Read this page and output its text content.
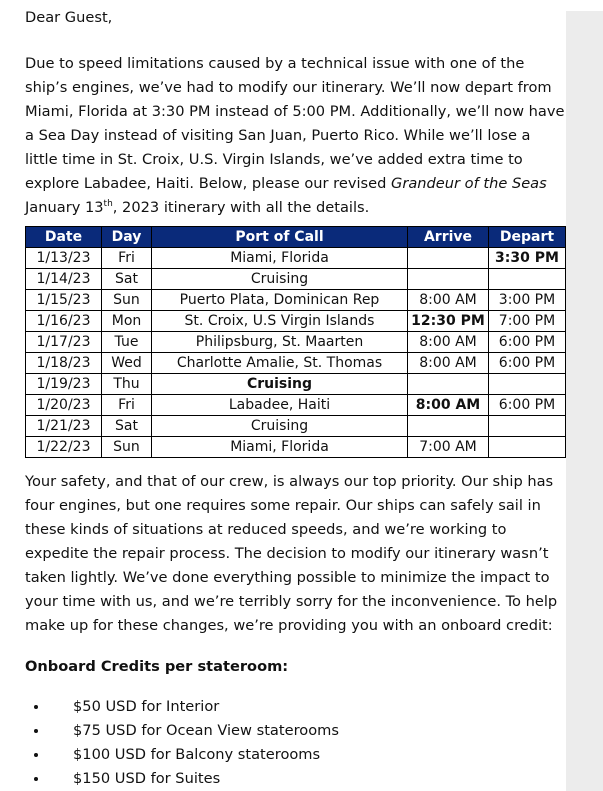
Dear Guest,

Due to speed limitations caused by a technical issue with one of the ship’s engines, we’ve had to modify our itinerary. We’ll now depart from Miami, Florida at 3:30 PM instead of 5:00 PM. Additionally, we’ll now have a Sea Day instead of visiting San Juan, Puerto Rico. While we’ll lose a little time in St. Croix, U.S. Virgin Islands, we’ve added extra time to explore Labadee, Haiti. Below, please our revised Grandeur of the Seas January 13th, 2023 itinerary with all the details.

Date	Day	Port of Call	Arrive	Depart
1/13/23	Fri	Miami, Florida		3:30 PM
1/14/23	Sat	Cruising		
1/15/23	Sun	Puerto Plata, Dominican Rep	8:00 AM	3:00 PM
1/16/23	Mon	St. Croix, U.S Virgin Islands	12:30 PM	7:00 PM
1/17/23	Tue	Philipsburg, St. Maarten	8:00 AM	6:00 PM
1/18/23	Wed	Charlotte Amalie, St. Thomas	8:00 AM	6:00 PM
1/19/23	Thu	Cruising		
1/20/23	Fri	Labadee, Haiti	8:00 AM	6:00 PM
1/21/23	Sat	Cruising		
1/22/23	Sun	Miami, Florida	7:00 AM	

Your safety, and that of our crew, is always our top priority. Our ship has four engines, but one requires some repair. Our ships can safely sail in these kinds of situations at reduced speeds, and we’re working to expedite the repair process. The decision to modify our itinerary wasn’t taken lightly. We’ve done everything possible to minimize the impact to your time with us, and we’re terribly sorry for the inconvenience. To help make up for these changes, we’re providing you with an onboard credit:

Onboard Credits per stateroom:

• $50 USD for Interior
• $75 USD for Ocean View staterooms
• $100 USD for Balcony staterooms
• $150 USD for Suites
